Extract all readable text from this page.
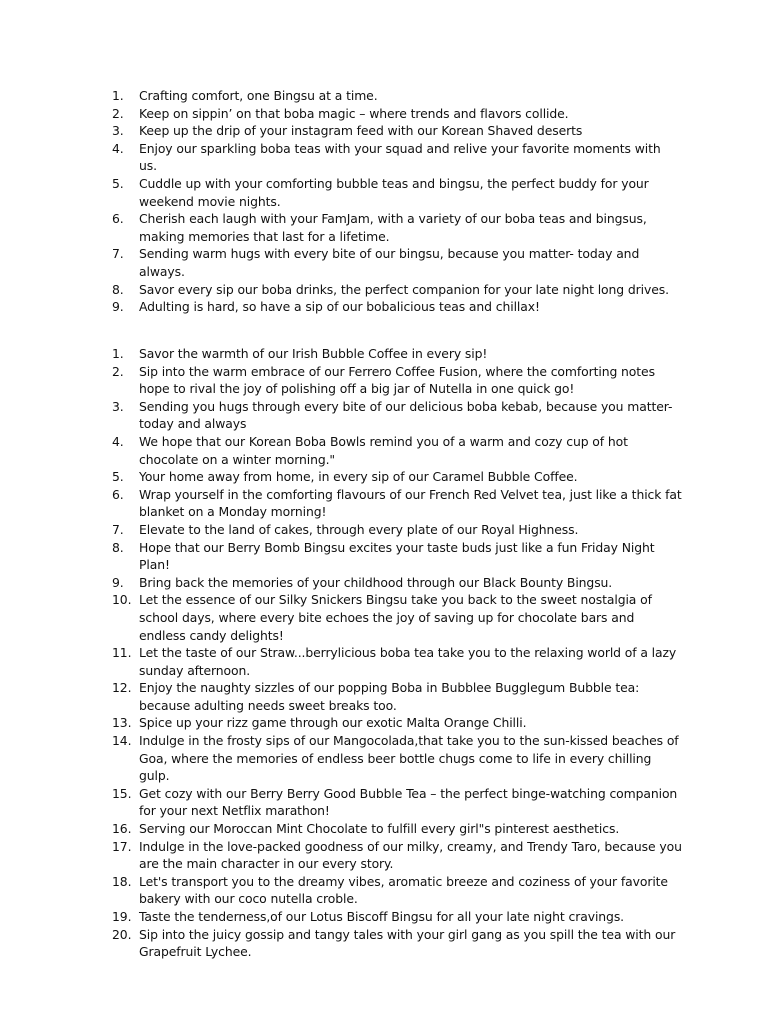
1.	Crafting comfort, one Bingsu at a time.
2.	Keep on sippin’ on that boba magic – where trends and flavors collide.
3.	Keep up the drip of your instagram feed with our Korean Shaved deserts
4.	Enjoy our sparkling boba teas with your squad and relive your favorite moments with us.
5.	Cuddle up with your comforting bubble teas and bingsu, the perfect buddy for your weekend movie nights.
6.	Cherish each laugh with your FamJam, with a variety of our boba teas and bingsus, making memories that last for a lifetime.
7.	Sending warm hugs with every bite of our bingsu, because you matter- today and always.
8.	Savor every sip our boba drinks, the perfect companion for your late night long drives.
9.	Adulting is hard, so have a sip of our bobalicious teas and chillax!
1.	Savor the warmth of our Irish Bubble Coffee in every sip!
2.	Sip into the warm embrace of our Ferrero Coffee Fusion, where the comforting notes hope to rival the joy of polishing off a big jar of Nutella in one quick go!
3.	Sending you hugs through every bite of our delicious boba kebab, because you matter- today and always
4.	We hope that our Korean Boba Bowls remind you of a warm and cozy cup of hot chocolate on a winter morning."
5.	Your home away from home, in every sip of our Caramel Bubble Coffee.
6.	Wrap yourself in the comforting flavours of our French Red Velvet tea, just like a thick fat blanket on a Monday morning!
7.	Elevate to the land of cakes, through every plate of our Royal Highness.
8.	Hope that our Berry Bomb Bingsu excites your taste buds just like a fun Friday Night Plan!
9.	Bring back the memories of your childhood through our Black Bounty Bingsu.
10. Let the essence of our Silky Snickers Bingsu take you back to the sweet nostalgia of school days, where every bite echoes the joy of saving up for chocolate bars and endless candy delights!
11. Let the taste of our Straw...berrylicious boba tea take you to the relaxing world of a lazy sunday afternoon.
12. Enjoy the naughty sizzles of our popping Boba in Bubblee Bugglegum Bubble tea: because adulting needs sweet breaks too.
13. Spice up your rizz game through our exotic Malta Orange Chilli.
14. Indulge in the frosty sips of our Mangocolada,that take you to the sun-kissed beaches of Goa, where the memories of endless beer bottle chugs come to life in every chilling gulp.
15. Get cozy with our Berry Berry Good Bubble Tea – the perfect binge-watching companion for your next Netflix marathon!
16. Serving our Moroccan Mint Chocolate to fulfill every girl"s pinterest aesthetics.
17. Indulge in the love-packed goodness of our milky, creamy, and Trendy Taro, because you are the main character in our every story.
18. Let's transport you to the dreamy vibes, aromatic breeze and coziness of your favorite bakery with our coco nutella croble.
19. Taste the tenderness,of our Lotus Biscoff Bingsu for all your late night cravings.
20. Sip into the juicy gossip and tangy tales with your girl gang as you spill the tea with our Grapefruit Lychee.
